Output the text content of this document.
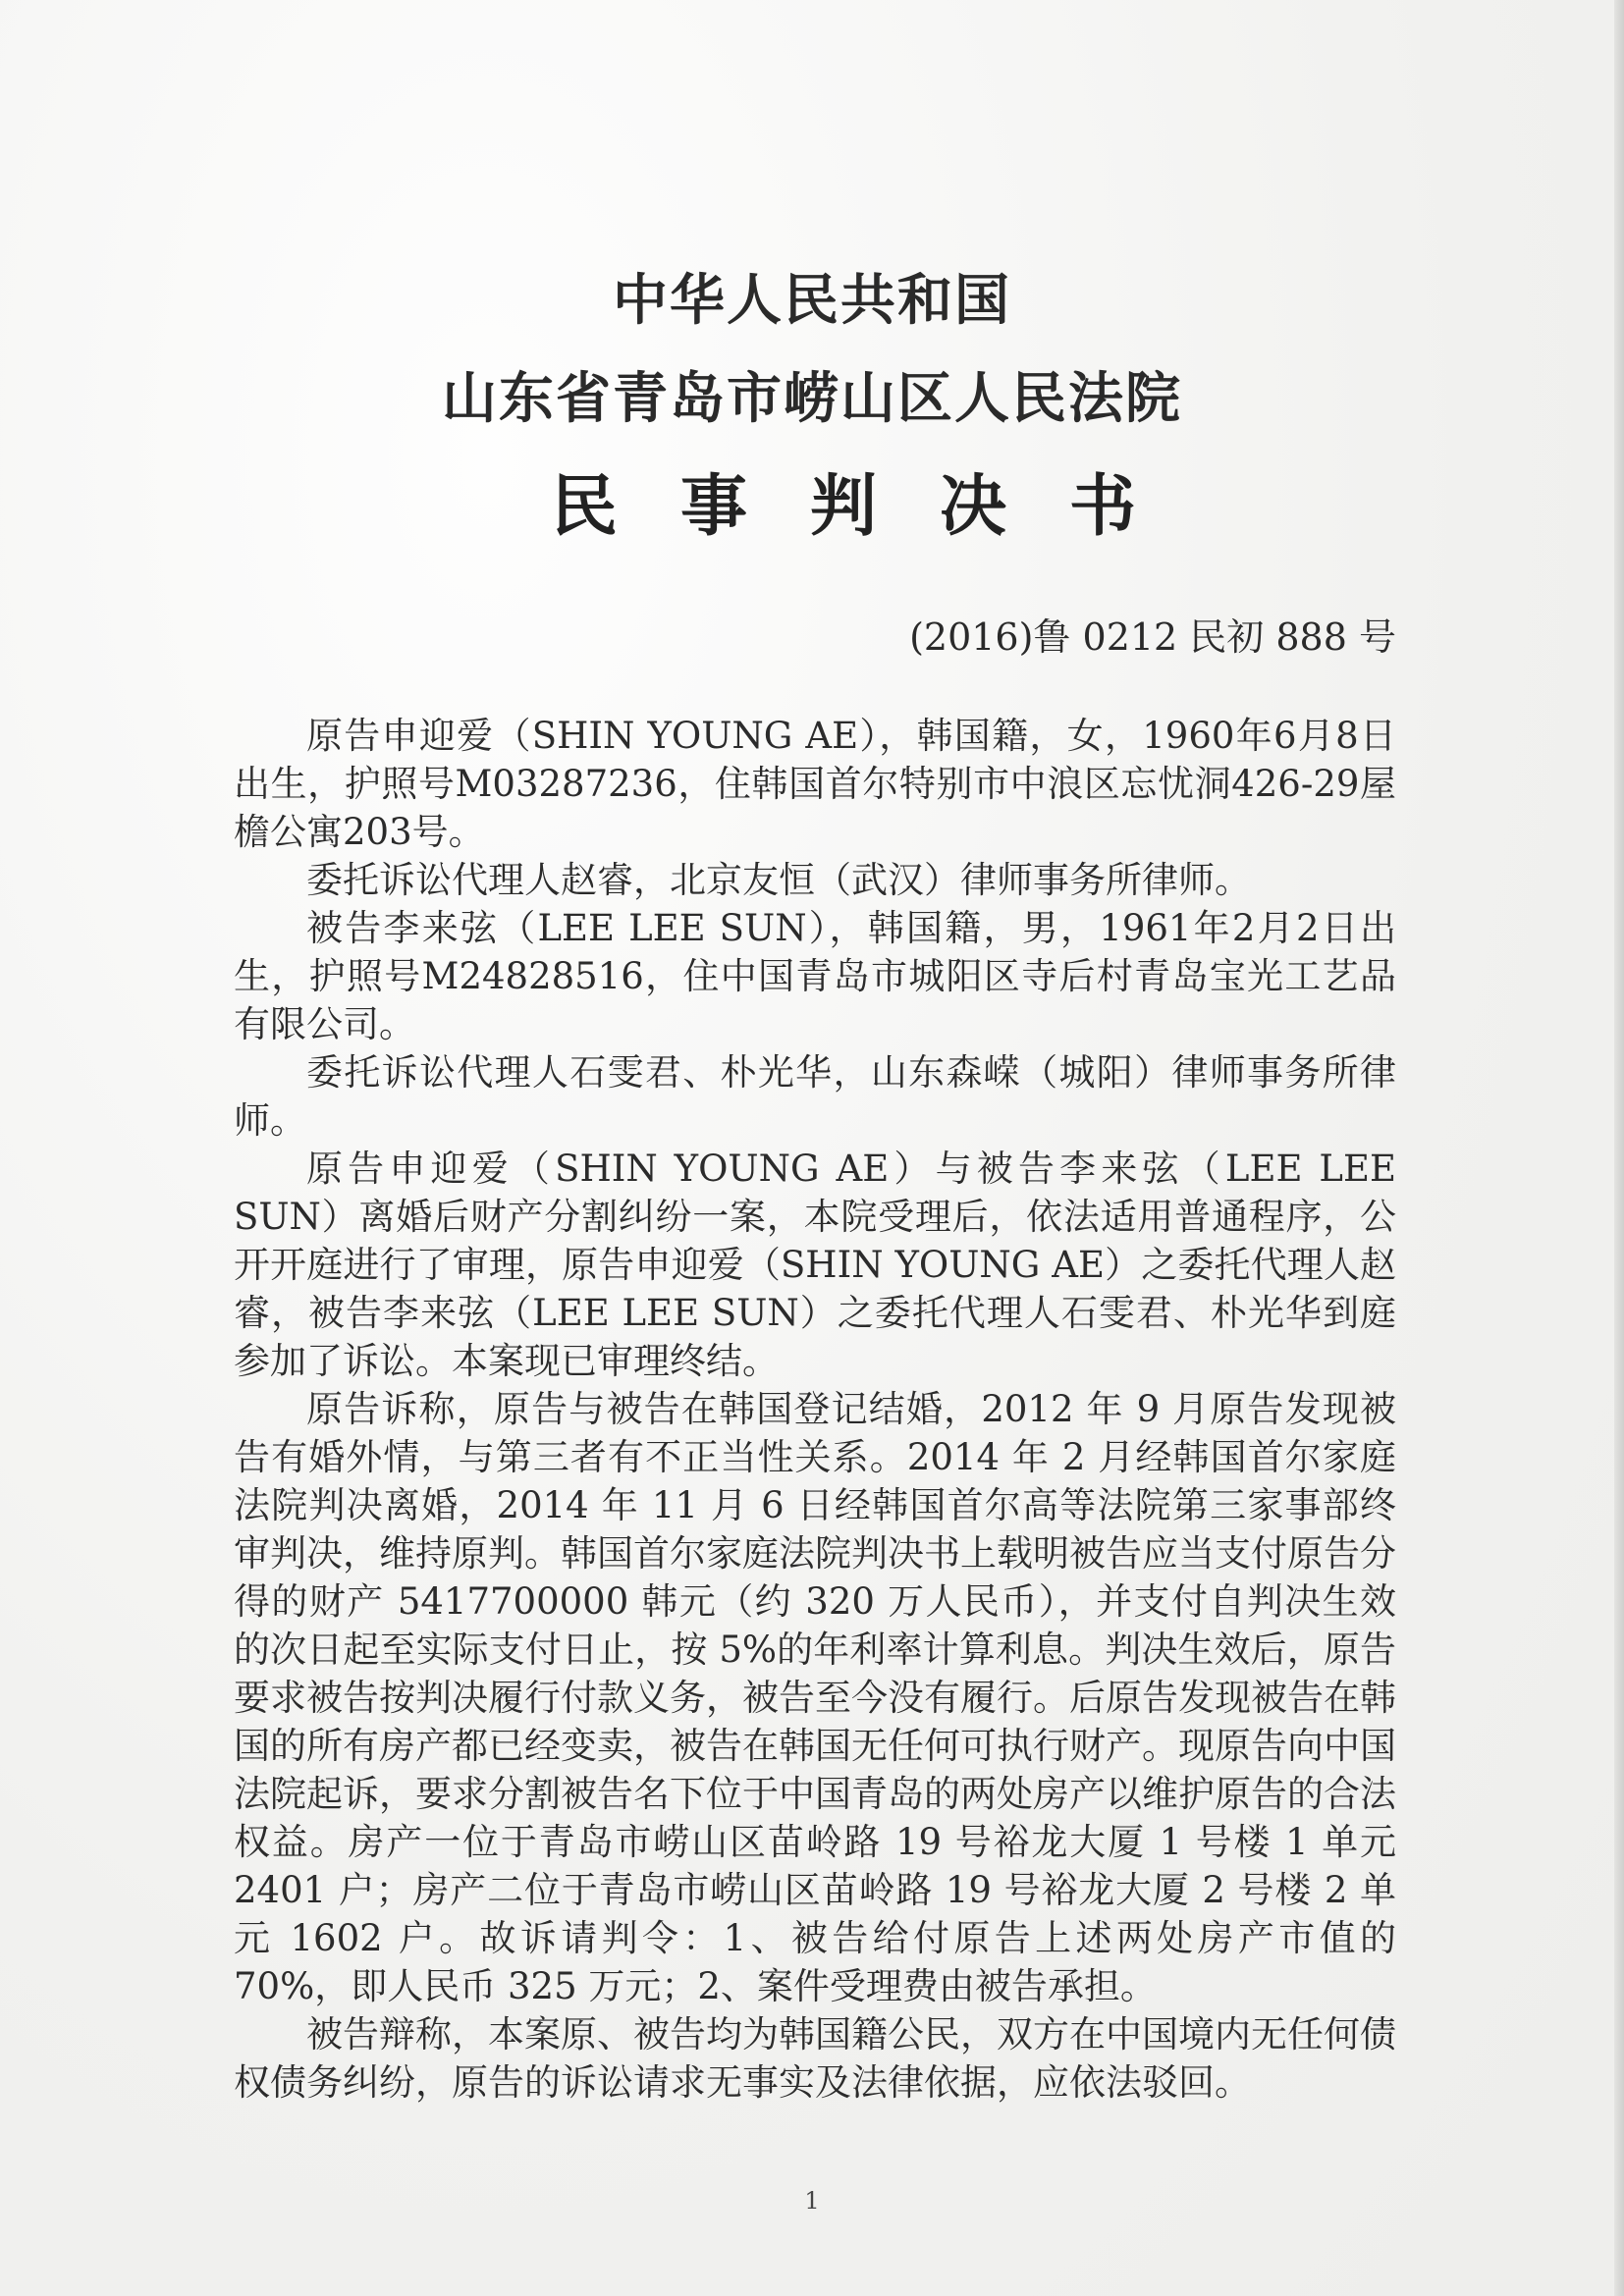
中华人民共和国
山东省青岛市崂山区人民法院
民事判决书
(2016)鲁 0212 民初 888 号

原告申迎爱（SHIN YOUNG AE），韩国籍，女，1960年6月8日出生，护照号M03287236，住韩国首尔特别市中浪区忘忧洞426-29屋檐公寓203号。

委托诉讼代理人赵睿，北京友恒（武汉）律师事务所律师。

被告李来弦（LEE LEE SUN），韩国籍，男，1961年2月2日出生，护照号M24828516，住中国青岛市城阳区寺后村青岛宝光工艺品有限公司。

委托诉讼代理人石雯君、朴光华，山东森嵘（城阳）律师事务所律师。

原告申迎爱（SHIN YOUNG AE）与被告李来弦（LEE LEE SUN）离婚后财产分割纠纷一案，本院受理后，依法适用普通程序，公开开庭进行了审理，原告申迎爱（SHIN YOUNG AE）之委托代理人赵睿，被告李来弦（LEE LEE SUN）之委托代理人石雯君、朴光华到庭参加了诉讼。本案现已审理终结。

原告诉称，原告与被告在韩国登记结婚，2012 年 9 月原告发现被告有婚外情，与第三者有不正当性关系。2014 年 2 月经韩国首尔家庭法院判决离婚，2014 年 11 月 6 日经韩国首尔高等法院第三家事部终审判决，维持原判。韩国首尔家庭法院判决书上载明被告应当支付原告分得的财产 5417700000 韩元（约 320 万人民币），并支付自判决生效的次日起至实际支付日止，按 5%的年利率计算利息。判决生效后，原告要求被告按判决履行付款义务，被告至今没有履行。后原告发现被告在韩国的所有房产都已经变卖，被告在韩国无任何可执行财产。现原告向中国法院起诉，要求分割被告名下位于中国青岛的两处房产以维护原告的合法权益。房产一位于青岛市崂山区苗岭路 19 号裕龙大厦 1 号楼 1 单元 2401 户；房产二位于青岛市崂山区苗岭路 19 号裕龙大厦 2 号楼 2 单元 1602 户。故诉请判令：1、被告给付原告上述两处房产市值的 70%，即人民币 325 万元；2、案件受理费由被告承担。

被告辩称，本案原、被告均为韩国籍公民，双方在中国境内无任何债权债务纠纷，原告的诉讼请求无事实及法律依据，应依法驳回。

1
